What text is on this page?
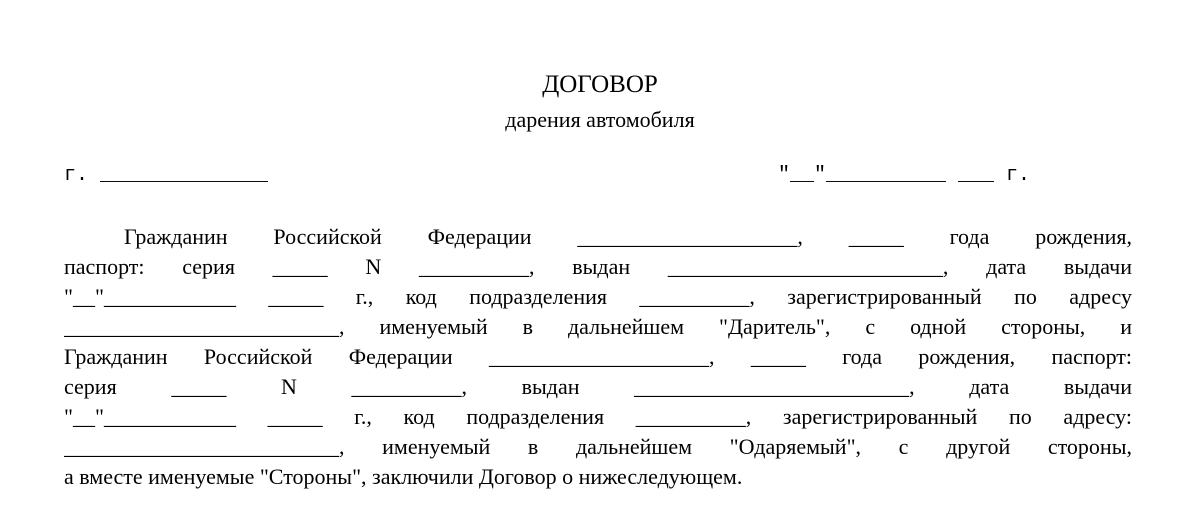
ДОГОВОР
дарения автомобиля
г. ______________	"__"__________ ___ г.
Гражданин Российской Федерации ____________________, _____ года рождения,
паспорт: серия _____ N __________, выдан _________________________, дата выдачи
"__"____________ _____ г., код подразделения __________, зарегистрированный по адресу
_________________________, именуемый в дальнейшем "Даритель", с одной стороны, и
Гражданин Российской Федерации ____________________, _____ года рождения, паспорт:
серия _____ N __________, выдан _________________________, дата выдачи
"__"____________ _____ г., код подразделения __________, зарегистрированный по адресу:
_________________________, именуемый в дальнейшем "Одаряемый", с другой стороны,
а вместе именуемые "Стороны", заключили Договор о нижеследующем.
